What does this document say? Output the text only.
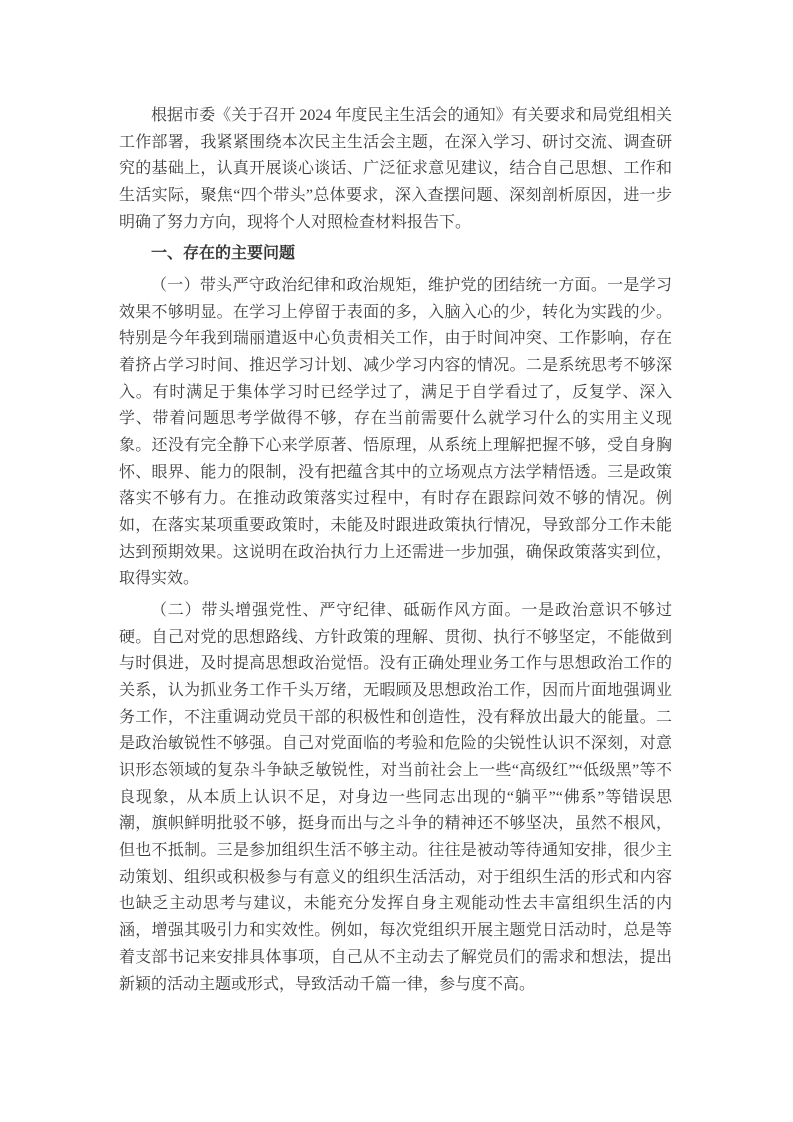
根据市委《关于召开 2024 年度民主生活会的通知》有关要求和局党组相关工作部署，我紧紧围绕本次民主生活会主题，在深入学习、研讨交流、调查研究的基础上，认真开展谈心谈话、广泛征求意见建议，结合自己思想、工作和生活实际，聚焦“四个带头”总体要求，深入查摆问题、深刻剖析原因，进一步明确了努力方向，现将个人对照检查材料报告下。

一、存在的主要问题

（一）带头严守政治纪律和政治规矩，维护党的团结统一方面。一是学习效果不够明显。在学习上停留于表面的多，入脑入心的少，转化为实践的少。特别是今年我到瑞丽遣返中心负责相关工作，由于时间冲突、工作影响，存在着挤占学习时间、推迟学习计划、减少学习内容的情况。二是系统思考不够深入。有时满足于集体学习时已经学过了，满足于自学看过了，反复学、深入学、带着问题思考学做得不够，存在当前需要什么就学习什么的实用主义现象。还没有完全静下心来学原著、悟原理，从系统上理解把握不够，受自身胸怀、眼界、能力的限制，没有把蕴含其中的立场观点方法学精悟透。三是政策落实不够有力。在推动政策落实过程中，有时存在跟踪问效不够的情况。例如，在落实某项重要政策时，未能及时跟进政策执行情况，导致部分工作未能达到预期效果。这说明在政治执行力上还需进一步加强，确保政策落实到位，取得实效。

（二）带头增强党性、严守纪律、砥砺作风方面。一是政治意识不够过硬。自己对党的思想路线、方针政策的理解、贯彻、执行不够坚定，不能做到与时俱进，及时提高思想政治觉悟。没有正确处理业务工作与思想政治工作的关系，认为抓业务工作千头万绪，无暇顾及思想政治工作，因而片面地强调业务工作，不注重调动党员干部的积极性和创造性，没有释放出最大的能量。二是政治敏锐性不够强。自己对党面临的考验和危险的尖锐性认识不深刻，对意识形态领域的复杂斗争缺乏敏锐性，对当前社会上一些“高级红”“低级黑”等不良现象，从本质上认识不足，对身边一些同志出现的“躺平”“佛系”等错误思潮，旗帜鲜明批驳不够，挺身而出与之斗争的精神还不够坚决，虽然不根风，但也不抵制。三是参加组织生活不够主动。往往是被动等待通知安排，很少主动策划、组织或积极参与有意义的组织生活活动，对于组织生活的形式和内容也缺乏主动思考与建议，未能充分发挥自身主观能动性去丰富组织生活的内涵，增强其吸引力和实效性。例如，每次党组织开展主题党日活动时，总是等着支部书记来安排具体事项，自己从不主动去了解党员们的需求和想法，提出新颖的活动主题或形式，导致活动千篇一律，参与度不高。
